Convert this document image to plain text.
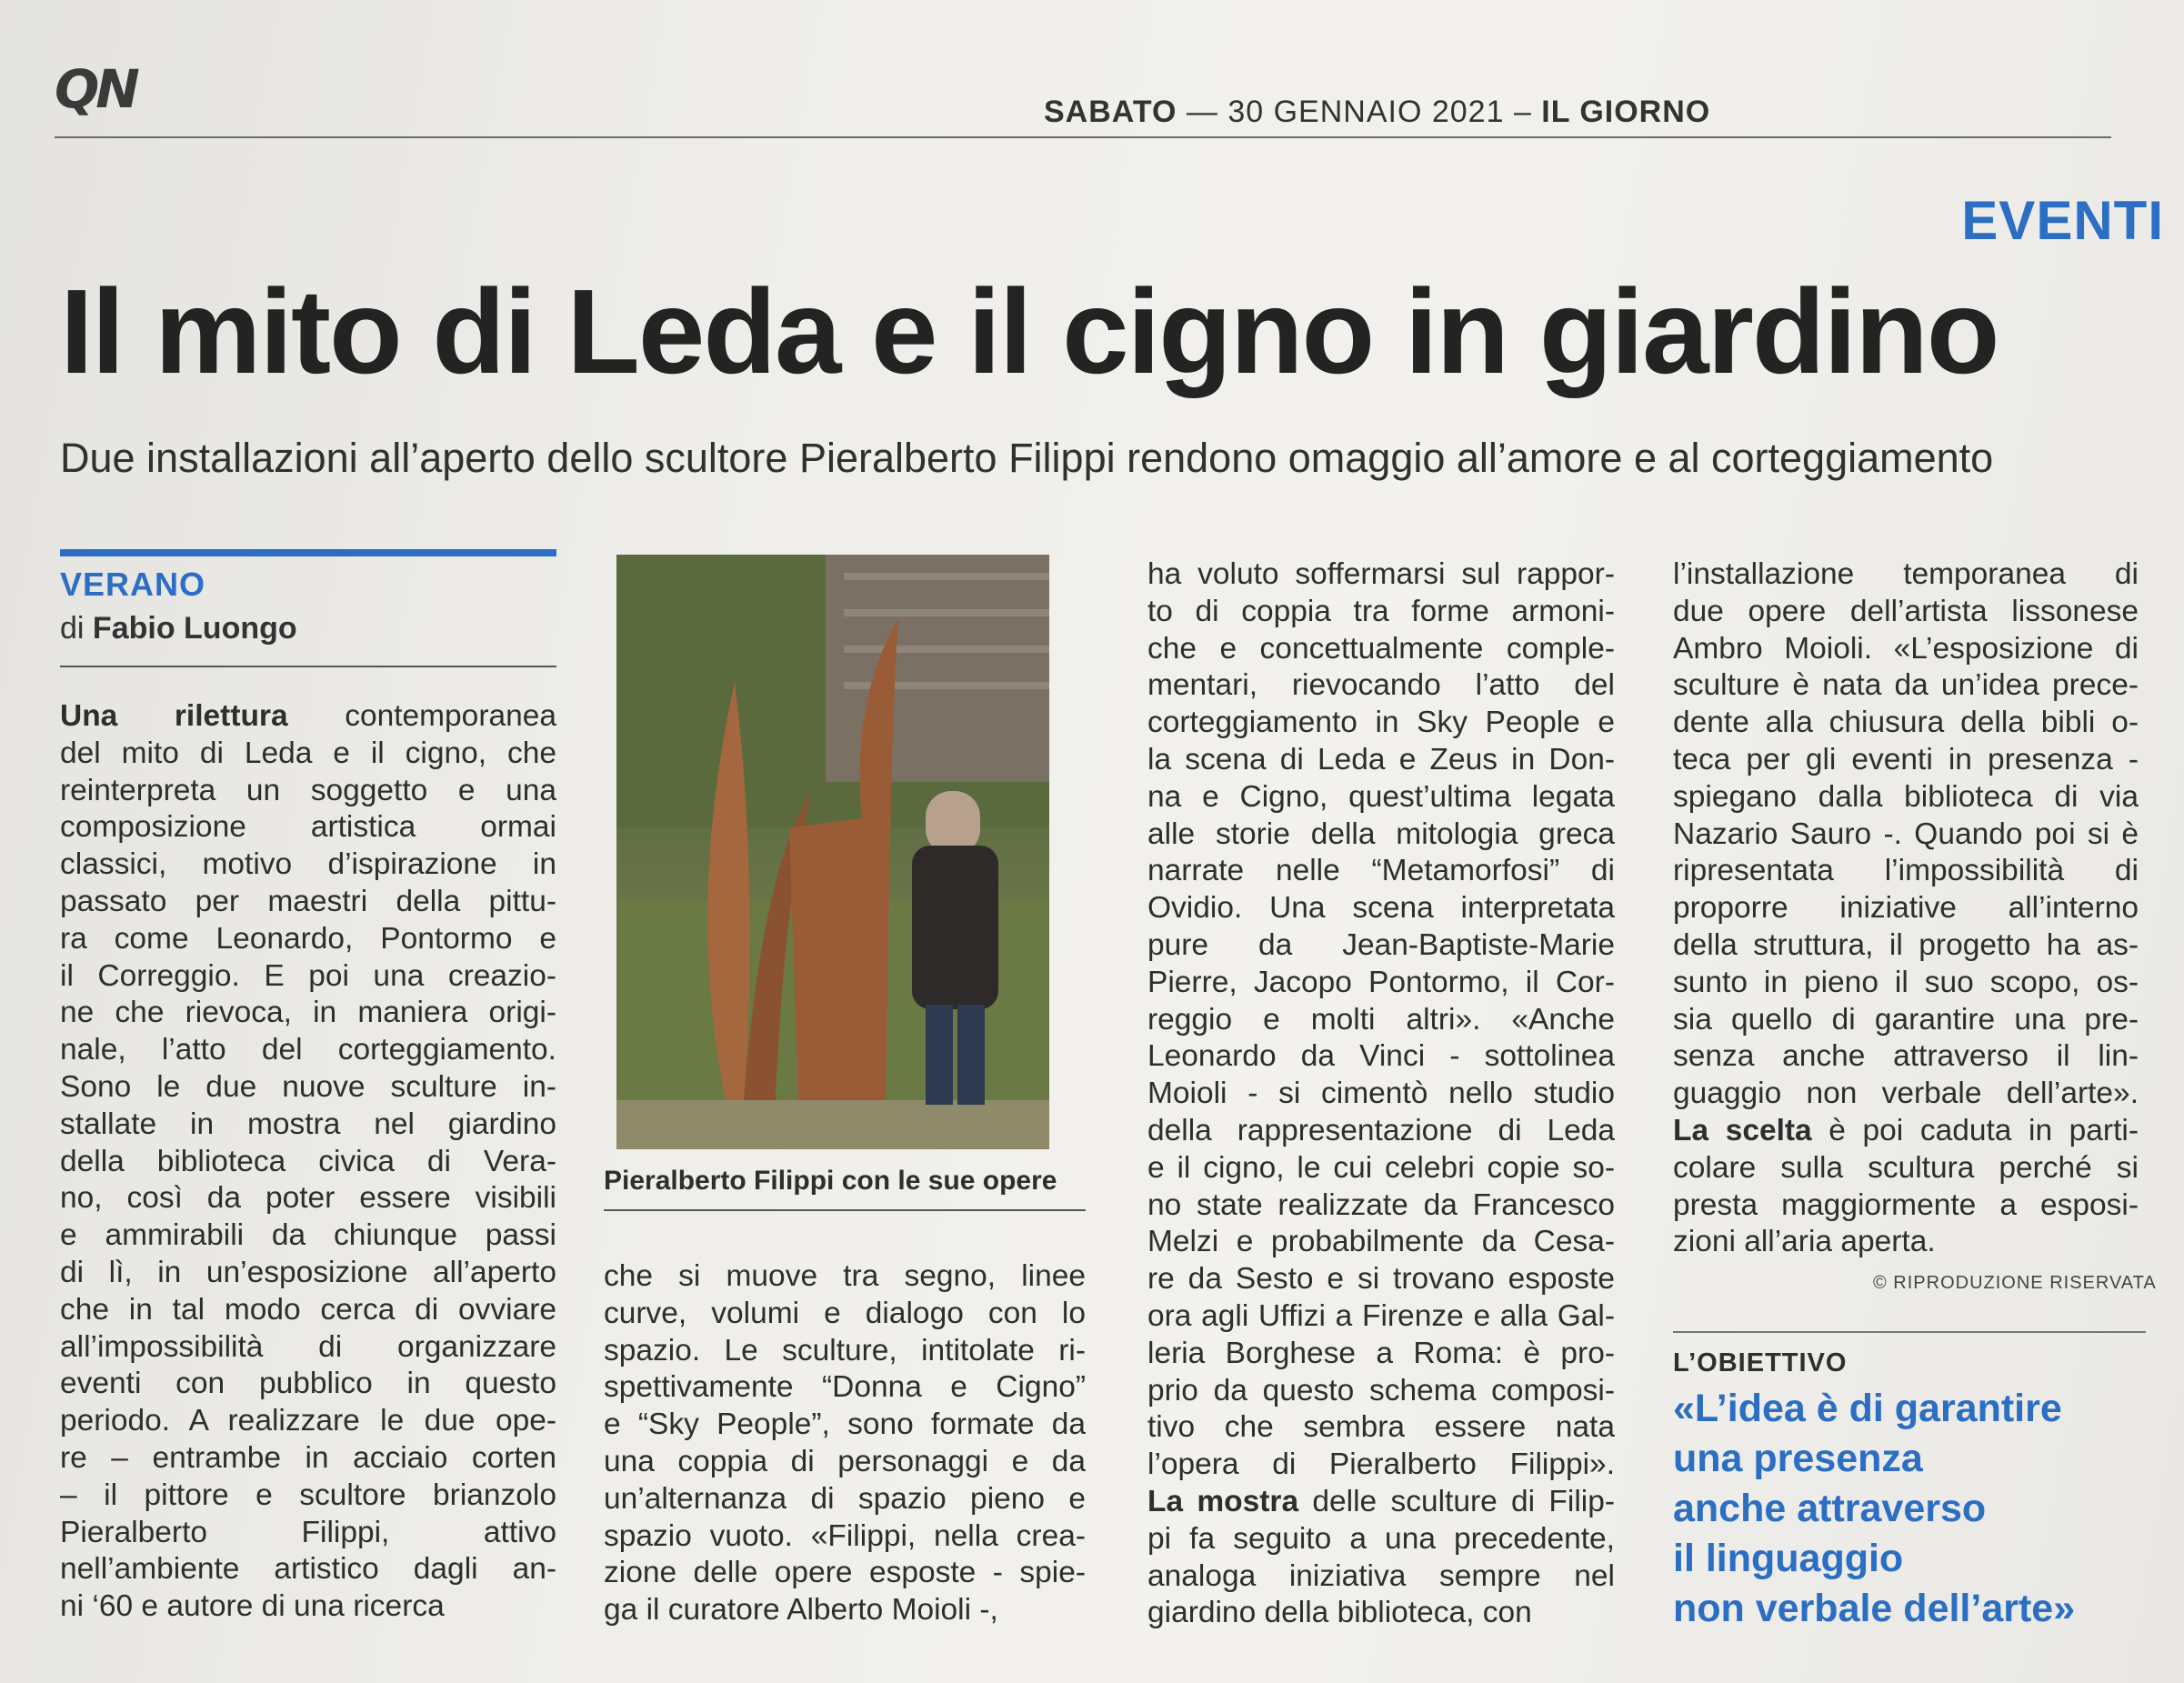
QN	SABATO — 30 GENNAIO 2021 – IL GIORNO
EVENTI
Il mito di Leda e il cigno in giardino
Due installazioni all’aperto dello scultore Pieralberto Filippi rendono omaggio all’amore e al corteggiamento
VERANO
di Fabio Luongo

Una rilettura contemporanea

del mito di Leda e il cigno, che

reinterpreta un soggetto e una

composizione artistica ormai

classici, motivo d’ispirazione in

passato per maestri della pittu-

ra come Leonardo, Pontormo e

il Correggio. E poi una creazio-

ne che rievoca, in maniera origi-

nale, l’atto del corteggiamento.

Sono le due nuove sculture in-

stallate in mostra nel giardino

della biblioteca civica di Vera-

no, così da poter essere visibili

e ammirabili da chiunque passi

di lì, in un’esposizione all’aperto

che in tal modo cerca di ovviare

all’impossibilità di organizzare

eventi con pubblico in questo

periodo. A realizzare le due ope-

re – entrambe in acciaio corten

– il pittore e scultore brianzolo

Pieralberto Filippi, attivo

nell’ambiente artistico dagli an-

ni ‘60 e autore di una ricerca

Pieralberto Filippi con le sue opere

che si muove tra segno, linee

curve, volumi e dialogo con lo

spazio. Le sculture, intitolate ri-

spettivamente “Donna e Cigno”

e “Sky People”, sono formate da

una coppia di personaggi e da

un’alternanza di spazio pieno e

spazio vuoto. «Filippi, nella crea-

zione delle opere esposte - spie-

ga il curatore Alberto Moioli -,

ha voluto soffermarsi sul rappor-

to di coppia tra forme armoni-

che e concettualmente comple-

mentari, rievocando l’atto del

corteggiamento in Sky People e

la scena di Leda e Zeus in Don-

na e Cigno, quest’ultima legata

alle storie della mitologia greca

narrate nelle “Metamorfosi” di

Ovidio. Una scena interpretata

pure da Jean-Baptiste-Marie

Pierre, Jacopo Pontormo, il Cor-

reggio e molti altri». «Anche

Leonardo da Vinci - sottolinea

Moioli - si cimentò nello studio

della rappresentazione di Leda

e il cigno, le cui celebri copie so-

no state realizzate da Francesco

Melzi e probabilmente da Cesa-

re da Sesto e si trovano esposte

ora agli Uffizi a Firenze e alla Gal-

leria Borghese a Roma: è pro-

prio da questo schema composi-

tivo che sembra essere nata

l’opera di Pieralberto Filippi».

La mostra delle sculture di Filip-

pi fa seguito a una precedente,

analoga iniziativa sempre nel

giardino della biblioteca, con

l’installazione temporanea di

due opere dell’artista lissonese

Ambro Moioli. «L’esposizione di

sculture è nata da un’idea prece-

dente alla chiusura della bibli o-

teca per gli eventi in presenza -

spiegano dalla biblioteca di via

Nazario Sauro -. Quando poi si è

ripresentata l’impossibilità di

proporre iniziative all’interno

della struttura, il progetto ha as-

sunto in pieno il suo scopo, os-

sia quello di garantire una pre-

senza anche attraverso il lin-

guaggio non verbale dell’arte».

La scelta è poi caduta in parti-

colare sulla scultura perché si

presta maggiormente a esposi-

zioni all’aria aperta.

© RIPRODUZIONE RISERVATA
L’OBIETTIVO
«L’idea è di garantire
una presenza
anche attraverso
il linguaggio
non verbale dell’arte»
